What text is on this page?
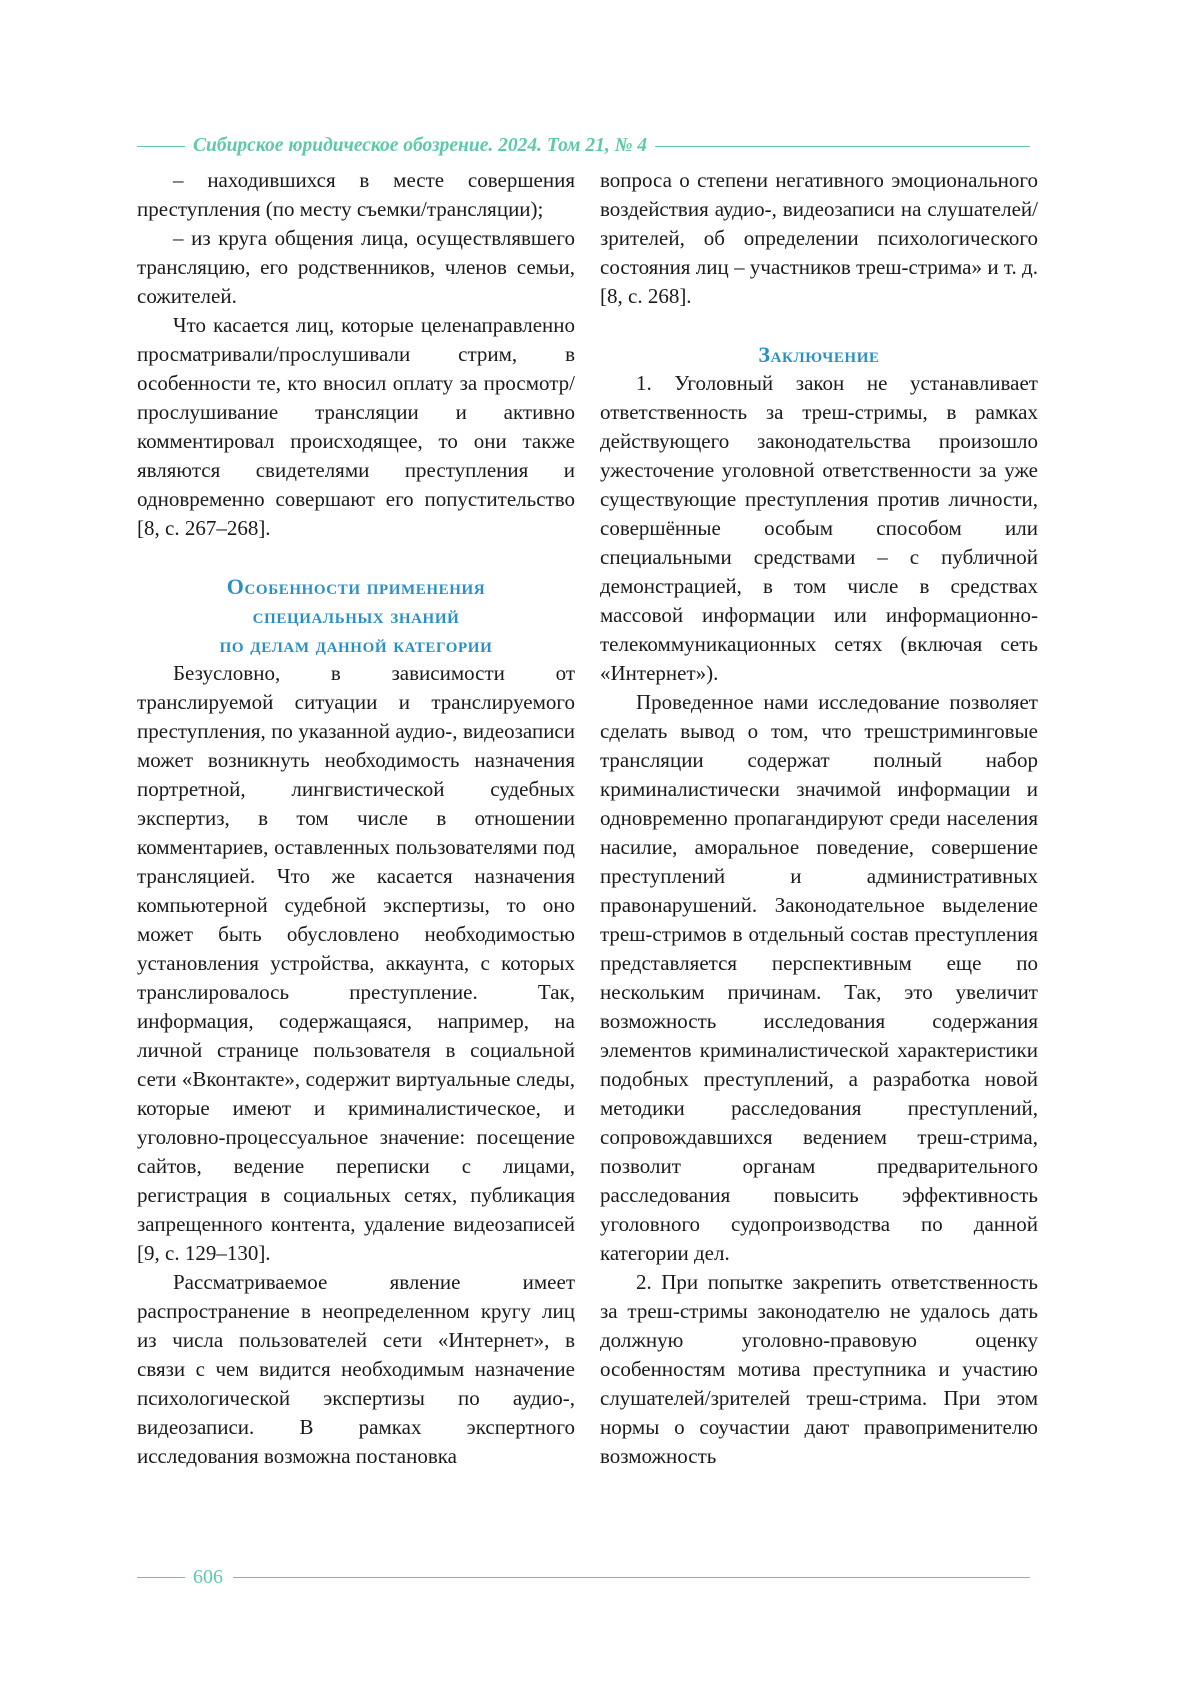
Сибирское юридическое обозрение. 2024. Том 21, № 4

– находившихся в месте совершения преступления (по месту съемки/трансляции);

– из круга общения лица, осуществлявшего трансляцию, его родственников, членов семьи, сожителей.

Что касается лиц, которые целенаправленно просматривали/прослушивали стрим, в особенности те, кто вносил оплату за просмотр/прослушивание трансляции и активно комментировал происходящее, то они также являются свидетелями преступления и одновременно совершают его попустительство [8, с. 267–268].

Особенности применения
специальных знаний
по делам данной категории

Безусловно, в зависимости от транслируемой ситуации и транслируемого преступления, по указанной аудио-, видеозаписи может возникнуть необходимость назначения портретной, лингвистической судебных экспертиз, в том числе в отношении комментариев, оставленных пользователями под трансляцией. Что же касается назначения компьютерной судебной экспертизы, то оно может быть обусловлено необходимостью установления устройства, аккаунта, с которых транслировалось преступление. Так, информация, содержащаяся, например, на личной странице пользователя в социальной сети «Вконтакте», содержит виртуальные следы, которые имеют и криминалистическое, и уголовно-процессуальное значение: посещение сайтов, ведение переписки с лицами, регистрация в социальных сетях, публикация запрещенного контента, удаление видеозаписей [9, с. 129–130].

Рассматриваемое явление имеет распространение в неопределенном кругу лиц из числа пользователей сети «Интернет», в связи с чем видится необходимым назначение психологической экспертизы по аудио-, видеозаписи. В рамках экспертного исследования возможна постановка

вопроса о степени негативного эмоционального воздействия аудио-, видеозаписи на слушателей/зрителей, об определении психологического состояния лиц – участников треш-стрима» и т. д. [8, с. 268].

Заключение

1. Уголовный закон не устанавливает ответственность за треш-стримы, в рамках действующего законодательства произошло ужесточение уголовной ответственности за уже существующие преступления против личности, совершённые особым способом или специальными средствами – с публичной демонстрацией, в том числе в средствах массовой информации или информационно-телекоммуникационных сетях (включая сеть «Интернет»).

Проведенное нами исследование позволяет сделать вывод о том, что трешстриминговые трансляции содержат полный набор криминалистически значимой информации и одновременно пропагандируют среди населения насилие, аморальное поведение, совершение преступлений и административных правонарушений. Законодательное выделение треш-стримов в отдельный состав преступления представляется перспективным еще по нескольким причинам. Так, это увеличит возможность исследования содержания элементов криминалистической характеристики подобных преступлений, а разработка новой методики расследования преступлений, сопровождавшихся ведением треш-стрима, позволит органам предварительного расследования повысить эффективность уголовного судопроизводства по данной категории дел.

2. При попытке закрепить ответственность за треш-стримы законодателю не удалось дать должную уголовно-правовую оценку особенностям мотива преступника и участию слушателей/зрителей треш-стрима. При этом нормы о соучастии дают правоприменителю возможность

606
